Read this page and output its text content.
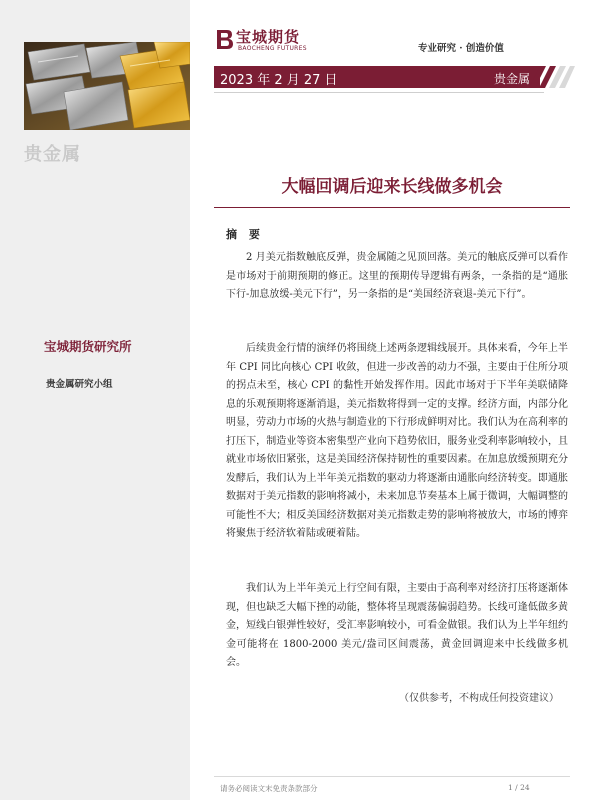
贵金属
宝城期货研究所
贵金属研究小组
宝城期货
BAOCHENG FUTURES	专业研究 · 创造价值
2023 年 2 月 27 日	贵金属
大幅回调后迎来长线做多机会
摘 要

2 月美元指数触底反弹，贵金属随之见顶回落。美元的触底反弹可以看作是市场对于前期预期的修正。这里的预期传导逻辑有两条，一条指的是“通胀下行-加息放缓-美元下行”，另一条指的是“美国经济衰退-美元下行”。

后续贵金行情的演绎仍将围绕上述两条逻辑线展开。具体来看，今年上半年 CPI 同比向核心 CPI 收敛，但进一步改善的动力不强，主要由于住所分项的拐点未至，核心 CPI 的黏性开始发挥作用。因此市场对于下半年美联储降息的乐观预期将逐渐消退，美元指数将得到一定的支撑。经济方面，内部分化明显，劳动力市场的火热与制造业的下行形成鲜明对比。我们认为在高利率的打压下，制造业等资本密集型产业向下趋势依旧，服务业受利率影响较小，且就业市场依旧紧张，这是美国经济保持韧性的重要因素。在加息放缓预期充分发酵后，我们认为上半年美元指数的驱动力将逐渐由通胀向经济转变。即通胀数据对于美元指数的影响将减小，未来加息节奏基本上属于微调，大幅调整的可能性不大；相反美国经济数据对美元指数走势的影响将被放大，市场的博弈将聚焦于经济软着陆或硬着陆。

我们认为上半年美元上行空间有限，主要由于高利率对经济打压将逐渐体现，但也缺乏大幅下挫的动能，整体将呈现震荡偏弱趋势。长线可逢低做多黄金，短线白银弹性较好，受汇率影响较小，可看金做银。我们认为上半年纽约金可能将在 1800-2000 美元/盎司区间震荡，黄金回调迎来中长线做多机会。

（仅供参考，不构成任何投资建议）
请务必阅读文末免责条款部分	1 / 24
